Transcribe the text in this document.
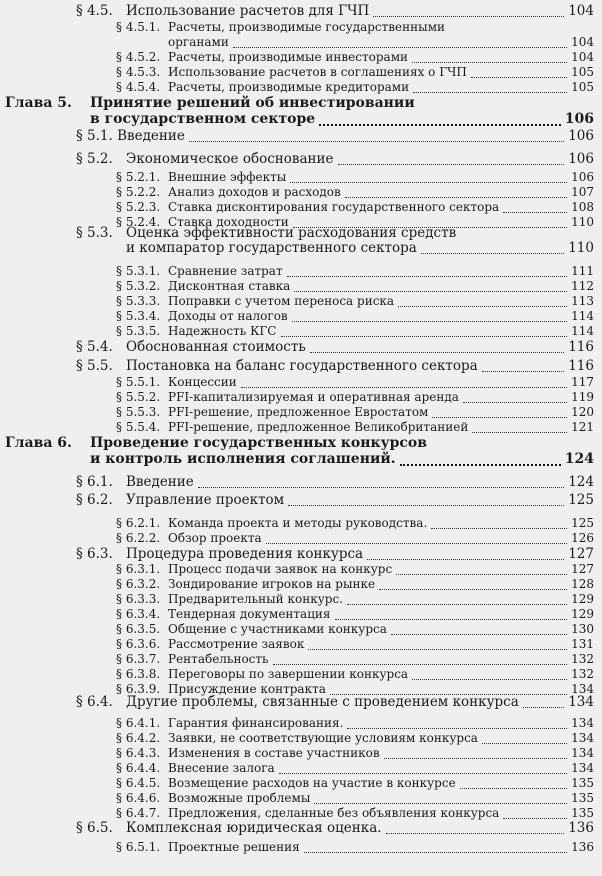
§ 4.5. Использование расчетов для ГЧП	104
§ 4.5.1. Расчеты, производимые государственными
органами	104
§ 4.5.2. Расчеты, производимые инвесторами	104
§ 4.5.3. Использование расчетов в соглашениях о ГЧП	105
§ 4.5.4. Расчеты, производимые кредиторами	105
Глава 5. Принятие решений об инвестировании
в государственном секторе	106
§ 5.1. Введение	106
§ 5.2. Экономическое обоснование	106
§ 5.2.1. Внешние эффекты	106
§ 5.2.2. Анализ доходов и расходов	107
§ 5.2.3. Ставка дисконтирования государственного сектора	108
§ 5.2.4. Ставка доходности	110
§ 5.3. Оценка эффективности расходования средств
и компаратор государственного сектора	110
§ 5.3.1. Сравнение затрат	111
§ 5.3.2. Дисконтная ставка	112
§ 5.3.3. Поправки с учетом переноса риска	113
§ 5.3.4. Доходы от налогов	114
§ 5.3.5. Надежность КГС	114
§ 5.4. Обоснованная стоимость	116
§ 5.5. Постановка на баланс государственного сектора	116
§ 5.5.1. Концессии	117
§ 5.5.2. PFI-капитализируемая и оперативная аренда	119
§ 5.5.3. PFI-решение, предложенное Евростатом	120
§ 5.5.4. PFI-решение, предложенное Великобританией	121
Глава 6. Проведение государственных конкурсов
и контроль исполнения соглашений.	124
§ 6.1. Введение	124
§ 6.2. Управление проектом	125
§ 6.2.1. Команда проекта и методы руководства.	125
§ 6.2.2. Обзор проекта	126
§ 6.3. Процедура проведения конкурса	127
§ 6.3.1. Процесс подачи заявок на конкурс	127
§ 6.3.2. Зондирование игроков на рынке	128
§ 6.3.3. Предварительный конкурс.	129
§ 6.3.4. Тендерная документация	129
§ 6.3.5. Общение с участниками конкурса	130
§ 6.3.6. Рассмотрение заявок	131
§ 6.3.7. Рентабельность	132
§ 6.3.8. Переговоры по завершении конкурса	132
§ 6.3.9. Присуждение контракта	134
§ 6.4. Другие проблемы, связанные с проведением конкурса	134
§ 6.4.1. Гарантия финансирования.	134
§ 6.4.2. Заявки, не соответствующие условиям конкурса	134
§ 6.4.3. Изменения в составе участников	134
§ 6.4.4. Внесение залога	134
§ 6.4.5. Возмещение расходов на участие в конкурсе	135
§ 6.4.6. Возможные проблемы	135
§ 6.4.7. Предложения, сделанные без объявления конкурса	135
§ 6.5. Комплексная юридическая оценка.	136
§ 6.5.1. Проектные решения	136
